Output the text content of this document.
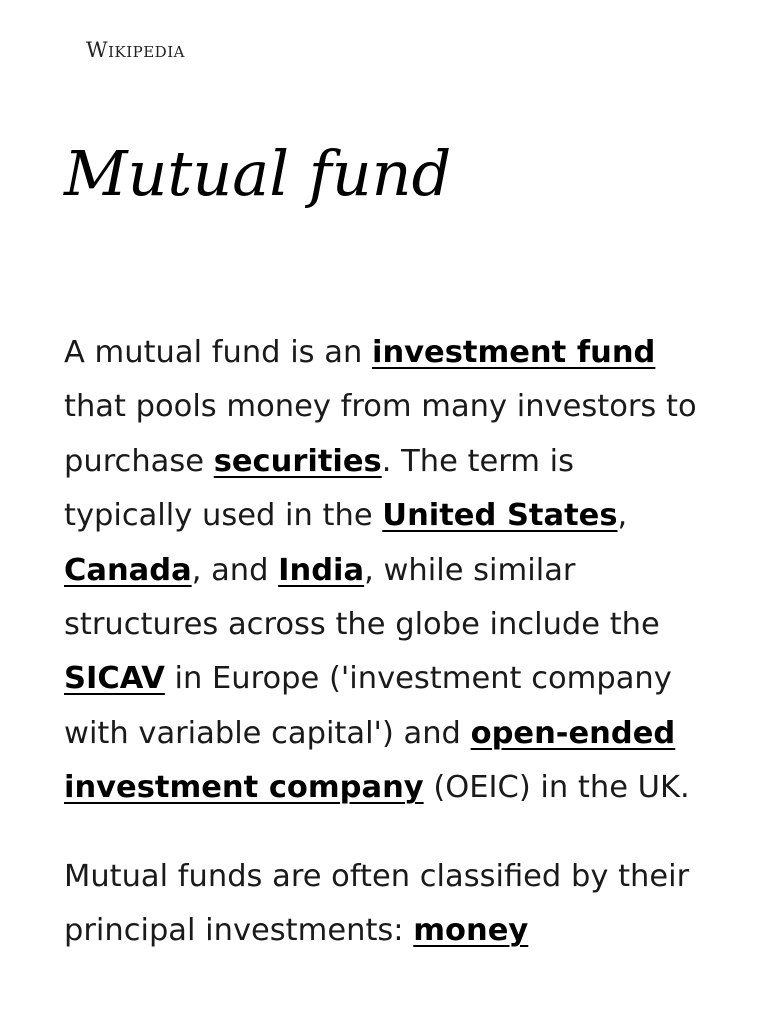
Wikipedia
Mutual fund

A mutual fund is an investment fund that pools money from many investors to purchase securities. The term is typically used in the United States, Canada, and India, while similar structures across the globe include the SICAV in Europe ('investment company with variable capital') and open-ended investment company (OEIC) in the UK.

Mutual funds are often classified by their principal investments: money
